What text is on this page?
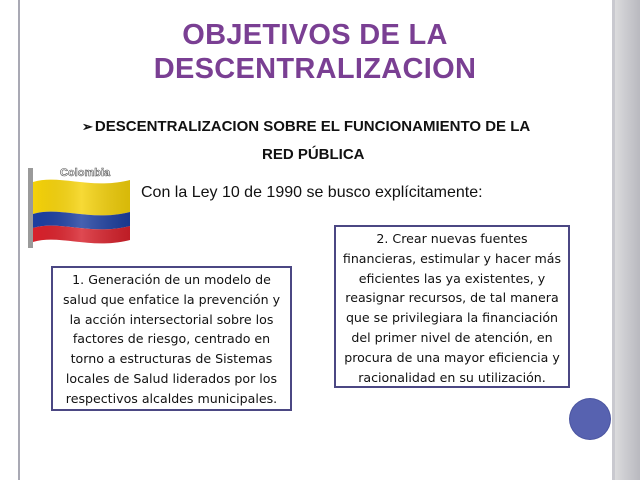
OBJETIVOS DE LA DESCENTRALIZACION
➢ DESCENTRALIZACION SOBRE EL FUNCIONAMIENTO DE LA
RED PÚBLICA
Con la Ley 10 de 1990 se busco explícitamente:
Colombia
1. Generación de un modelo de salud que enfatice la prevención y la acción intersectorial sobre los factores de riesgo, centrado en torno a estructuras de Sistemas locales de Salud liderados por los respectivos alcaldes municipales.
2. Crear nuevas fuentes financieras, estimular y hacer más eficientes las ya existentes, y reasignar recursos, de tal manera que se privilegiara la financiación del primer nivel de atención, en procura de una mayor eficiencia y racionalidad en su utilización.
